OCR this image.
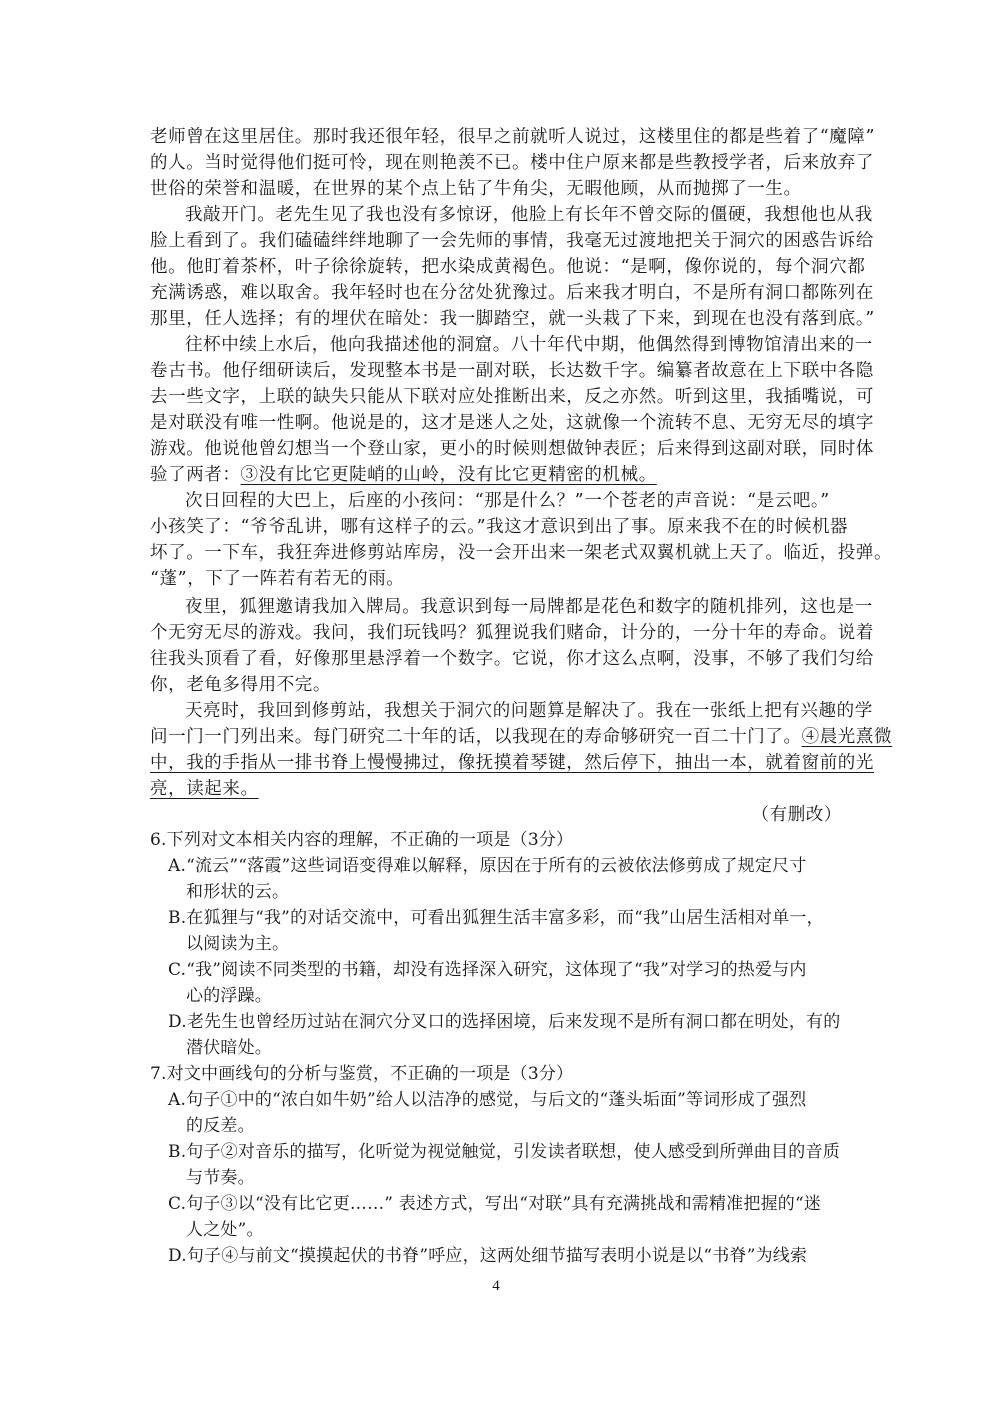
老师曾在这里居住。那时我还很年轻，很早之前就听人说过，这楼里住的都是些着了“魔障”
的人。当时觉得他们挺可怜，现在则艳羡不已。楼中住户原来都是些教授学者，后来放弃了
世俗的荣誉和温暖，在世界的某个点上钻了牛角尖，无暇他顾，从而抛掷了一生。
我敲开门。老先生见了我也没有多惊讶，他脸上有长年不曾交际的僵硬，我想他也从我
脸上看到了。我们磕磕绊绊地聊了一会先师的事情，我毫无过渡地把关于洞穴的困惑告诉给
他。他盯着茶杯，叶子徐徐旋转，把水染成黄褐色。他说：“是啊，像你说的，每个洞穴都
充满诱惑，难以取舍。我年轻时也在分岔处犹豫过。后来我才明白，不是所有洞口都陈列在
那里，任人选择；有的埋伏在暗处：我一脚踏空，就一头栽了下来，到现在也没有落到底。”
往杯中续上水后，他向我描述他的洞窟。八十年代中期，他偶然得到博物馆清出来的一
卷古书。他仔细研读后，发现整本书是一副对联，长达数千字。编纂者故意在上下联中各隐
去一些文字，上联的缺失只能从下联对应处推断出来，反之亦然。听到这里，我插嘴说，可
是对联没有唯一性啊。他说是的，这才是迷人之处，这就像一个流转不息、无穷无尽的填字
游戏。他说他曾幻想当一个登山家，更小的时候则想做钟表匠；后来得到这副对联，同时体
验了两者：③没有比它更陡峭的山岭，没有比它更精密的机械。
次日回程的大巴上，后座的小孩问：“那是什么？”一个苍老的声音说：“是云吧。”
小孩笑了：“爷爷乱讲，哪有这样子的云。”我这才意识到出了事。原来我不在的时候机器
坏了。一下车，我狂奔进修剪站库房，没一会开出来一架老式双翼机就上天了。临近，投弹。
“蓬”，下了一阵若有若无的雨。
夜里，狐狸邀请我加入牌局。我意识到每一局牌都是花色和数字的随机排列，这也是一
个无穷无尽的游戏。我问，我们玩钱吗？狐狸说我们赌命，计分的，一分十年的寿命。说着
往我头顶看了看，好像那里悬浮着一个数字。它说，你才这么点啊，没事，不够了我们匀给
你，老龟多得用不完。
天亮时，我回到修剪站，我想关于洞穴的问题算是解决了。我在一张纸上把有兴趣的学
问一门一门列出来。每门研究二十年的话，以我现在的寿命够研究一百二十门了。④晨光熹微
中，我的手指从一排书脊上慢慢拂过，像抚摸着琴键，然后停下，抽出一本，就着窗前的光
亮，读起来。
（有删改）
6.下列对文本相关内容的理解，不正确的一项是（3分）
A.“流云”“落霞”这些词语变得难以解释，原因在于所有的云被依法修剪成了规定尺寸
和形状的云。
B.在狐狸与“我”的对话交流中，可看出狐狸生活丰富多彩，而“我”山居生活相对单一，
以阅读为主。
C.“我”阅读不同类型的书籍，却没有选择深入研究，这体现了“我”对学习的热爱与内
心的浮躁。
D.老先生也曾经历过站在洞穴分叉口的选择困境，后来发现不是所有洞口都在明处，有的
潜伏暗处。
7.对文中画线句的分析与鉴赏，不正确的一项是（3分）
A.句子①中的“浓白如牛奶”给人以洁净的感觉，与后文的“蓬头垢面”等词形成了强烈
的反差。
B.句子②对音乐的描写，化听觉为视觉触觉，引发读者联想，使人感受到所弹曲目的音质
与节奏。
C.句子③以“没有比它更……” 表述方式，写出“对联”具有充满挑战和需精准把握的“迷
人之处”。
D.句子④与前文“摸摸起伏的书脊”呼应，这两处细节描写表明小说是以“书脊”为线索
4
